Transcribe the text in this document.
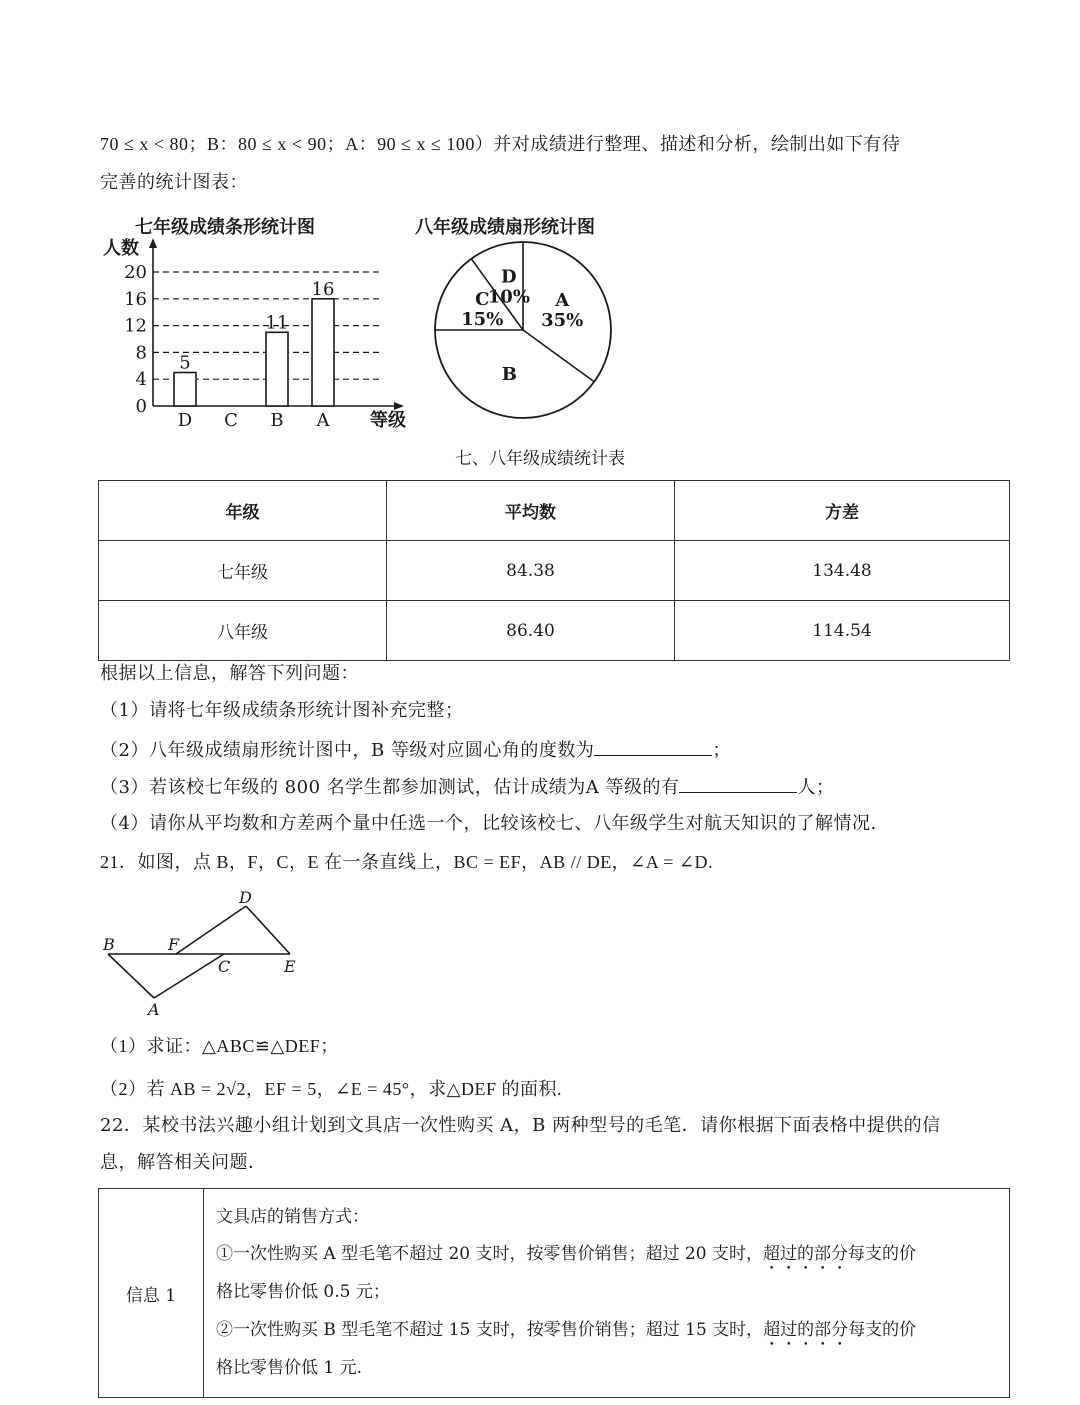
70 ≤ x < 80；B：80 ≤ x < 90；A：90 ≤ x ≤ 100）并对成绩进行整理、描述和分析，绘制出如下有待
完善的统计图表：
七年级成绩条形统计图
人数
0
4
8
12
16
20
5
D C
11
B
16
A 等级
八年级成绩扇形统计图
A
35%
B
C
15%
D
10%
七、八年级成绩统计表
年级	平均数	方差
七年级	84.38	134.48
八年级	86.40	114.54
根据以上信息，解答下列问题：
（1）请将七年级成绩条形统计图补充完整；
（2）八年级成绩扇形统计图中，B 等级对应圆心角的度数为	；
（3）若该校七年级的 800 名学生都参加测试，估计成绩为A 等级的有	人；
（4）请你从平均数和方差两个量中任选一个，比较该校七、八年级学生对航天知识的了解情况.
21．如图，点 B，F，C，E 在一条直线上，BC = EF，AB // DE，∠A = ∠D.
B	F
C	E
D
A
（1）求证：△ABC≌△DEF；
（2）若 AB = 2√2，EF = 5，∠E = 45°，求△DEF 的面积.
22．某校书法兴趣小组计划到文具店一次性购买 A，B 两种型号的毛笔．请你根据下面表格中提供的信
息，解答相关问题．
信息 1	
文具店的销售方式：
①一次性购买 A 型毛笔不超过 20 支时，按零售价销售；超过 20 支时，超过的部分每支的价
格比零售价低 0.5 元；
②一次性购买 B 型毛笔不超过 15 支时，按零售价销售；超过 15 支时，超过的部分每支的价
格比零售价低 1 元.
